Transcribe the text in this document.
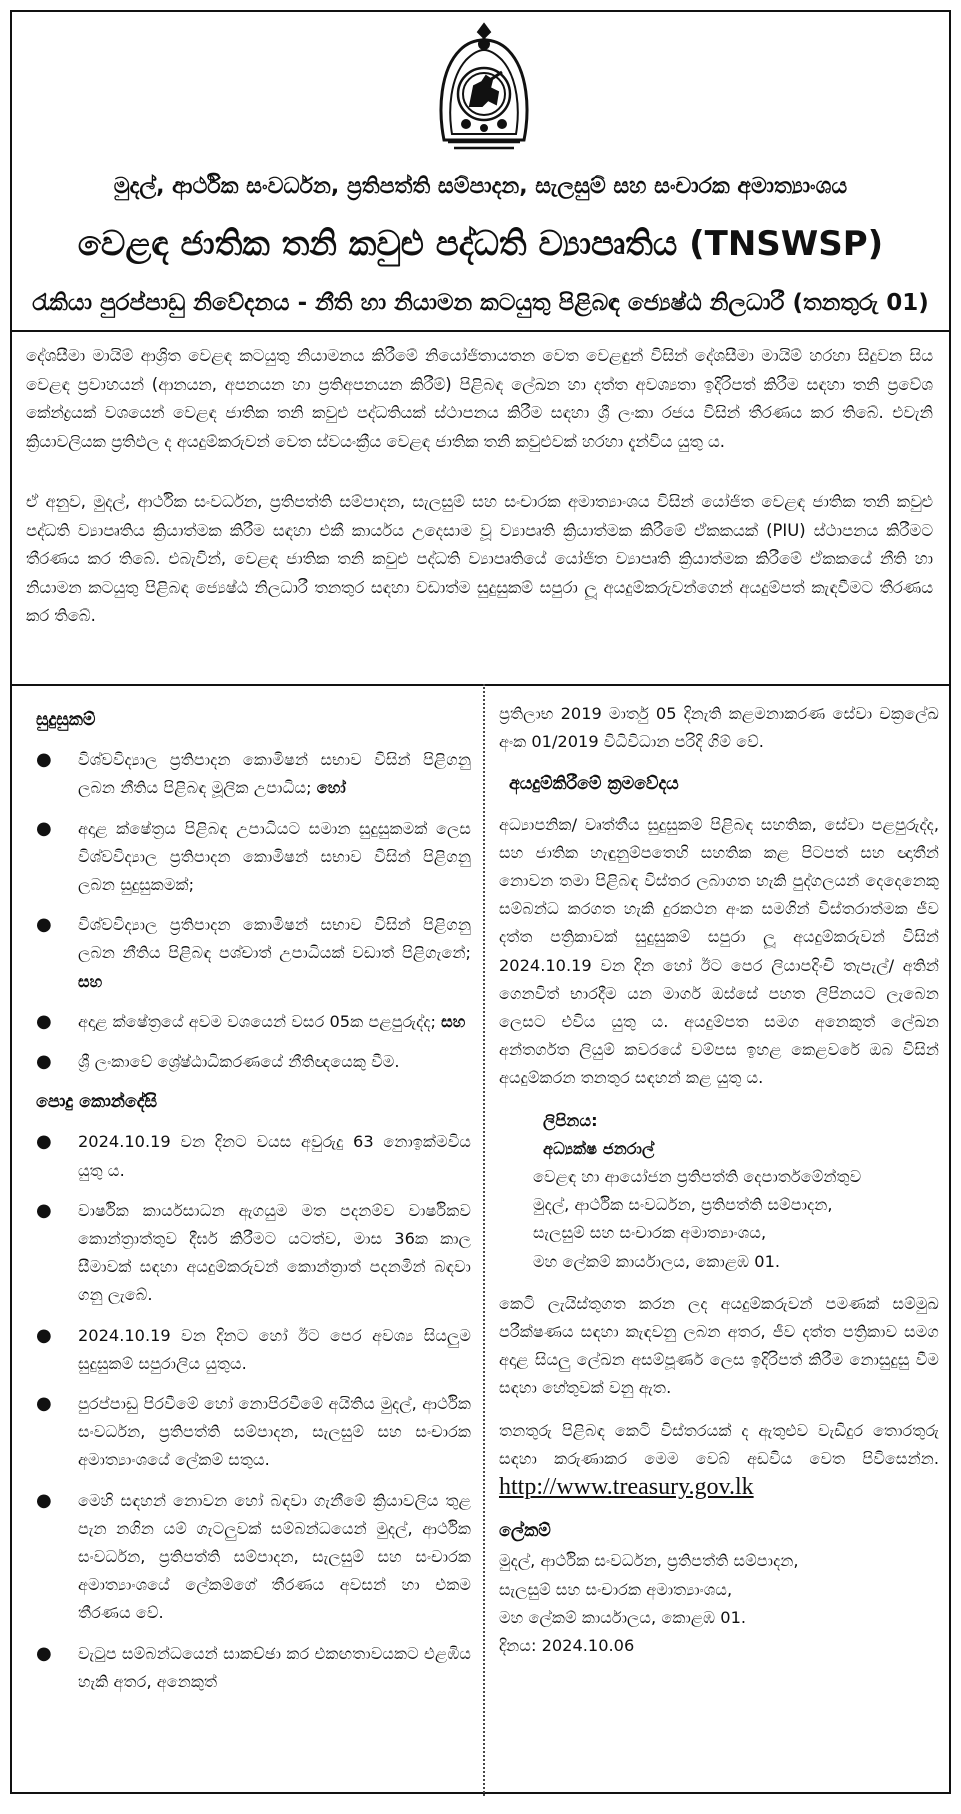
මුදල්, ආර්ථික සංවර්ධන, ප්‍රතිපත්ති සම්පාදන, සැලසුම් සහ සංචාරක අමාත්‍යාංශය
වෙළඳ ජාතික තනි කවුළු පද්ධති ව්‍යාපෘතිය (TNSWSP)
රැකියා පුරප්පාඩු නිවේදනය - නීති හා නියාමන කටයුතු පිළිබඳ ජ්‍යෙෂ්ඨ නිලධාරී (තනතුරු 01)

දේශසීමා මායිම් ආශ්‍රිත වෙළඳ කටයුතු නියාමනය කිරීමේ නියෝජිතායතන වෙත වෙළඳුන් විසින් දේශසීමා මායිම් හරහා සිදුවන සිය වෙළඳ ප්‍රවාහයන් (ආනයන, අපනයන හා ප්‍රතිඅපනයන කිරීම්) පිළිබඳ ලේඛන හා දත්ත අවශ්‍යතා ඉදිරිපත් කිරීම සඳහා තනි ප්‍රවේශ කේන්ද්‍රයක් වශයෙන් වෙළඳ ජාතික තනි කවුළු පද්ධතියක් ස්ථාපනය කිරීම සඳහා ශ්‍රී ලංකා රජය විසින් තීරණය කර තිබේ. එවැනි ක්‍රියාවලියක ප්‍රතිඵල ද අයදුම්කරුවන් වෙත ස්වයංක්‍රීය වෙළඳ ජාතික තනි කවුළුවක් හරහා දැන්විය යුතු ය.

ඒ අනුව, මුදල්, ආර්ථික සංවර්ධන, ප්‍රතිපත්ති සම්පාදන, සැලසුම් සහ සංචාරක අමාත්‍යාංශය විසින් යෝජිත වෙළඳ ජාතික තනි කවුළු පද්ධති ව්‍යාපෘතිය ක්‍රියාත්මක කිරීම සඳහා එකී කාර්යය උදෙසාම වූ ව්‍යාපෘති ක්‍රියාත්මක කිරීමේ ඒකකයක් (PIU) ස්ථාපනය කිරීමට තීරණය කර තිබේ. එබැවින්, වෙළඳ ජාතික තනි කවුළු පද්ධති ව්‍යාපෘතියේ යෝජිත ව්‍යාපෘති ක්‍රියාත්මක කිරීමේ ඒකකයේ නීති හා නියාමන කටයුතු පිළිබඳ ජ්‍යෙෂ්ඨ නිලධාරී තනතුර සඳහා වඩාත්ම සුදුසුකම් සපුරා ලූ අයදුම්කරුවන්ගෙන් අයදුම්පත් කැඳවීමට තීරණය කර තිබේ.

සුදුසුකම්
● විශ්වවිද්‍යාල ප්‍රතිපාදන කොමිෂන් සභාව විසින් පිළිගනු ලබන නීතිය පිළිබඳ මූලික උපාධිය; හෝ
● අදාළ ක්ෂේත්‍රය පිළිබඳ උපාධියට සමාන සුදුසුකමක් ලෙස විශ්වවිද්‍යාල ප්‍රතිපාදන කොමිෂන් සභාව විසින් පිළිගනු ලබන සුදුසුකමක්;
● විශ්වවිද්‍යාල ප්‍රතිපාදන කොමිෂන් සභාව විසින් පිළිගනු ලබන නීතිය පිළිබඳ පශ්චාත් උපාධියක් වඩාත් පිළිගැනේ; සහ
● අදාළ ක්ෂේත්‍රයේ අවම වශයෙන් වසර 05ක පළපුරුද්ද; සහ
● ශ්‍රී ලංකාවේ ශ්‍රේෂ්ඨාධිකරණයේ නීතිඥයෙකු වීම.
පොදු කොන්දේසි
● 2024.10.19 වන දිනට වයස අවුරුදු 63 නොඉක්මවිය යුතු ය.
● වාර්ෂික කාර්යසාධන ඇගයුම මත පදනම්ව වාර්ෂිකව කොන්ත්‍රාත්තුව දීර්ඝ කිරීමට යටත්ව, මාස 36ක කාල සීමාවක් සඳහා අයදුම්කරුවන් කොන්ත්‍රාත් පදනමින් බඳවා ගනු ලැබේ.
● 2024.10.19 වන දිනට හෝ ඊට පෙර අවශ්‍ය සියලුම සුදුසුකම් සපුරාලිය යුතුය.
● පුරප්පාඩු පිරවීමේ හෝ නොපිරවීමේ අයිතිය මුදල්, ආර්ථික සංවර්ධන, ප්‍රතිපත්ති සම්පාදන, සැලසුම් සහ සංචාරක අමාත්‍යාංශයේ ලේකම් සතුය.
● මෙහි සඳහන් නොවන හෝ බඳවා ගැනීමේ ක්‍රියාවලිය තුළ පැන නගින යම් ගැටලුවක් සම්බන්ධයෙන් මුදල්, ආර්ථික සංවර්ධන, ප්‍රතිපත්ති සම්පාදන, සැලසුම් සහ සංචාරක අමාත්‍යාංශයේ ලේකම්ගේ තීරණය අවසන් හා එකම තීරණය වේ.
● වැටුප සම්බන්ධයෙන් සාකච්ඡා කර එකඟතාවයකට එළඹිය හැකි අතර, අනෙකුත්

ප්‍රතිලාභ 2019 මාර්තු 05 දිනැති කළමනාකරණ සේවා චක්‍රලේඛ අංක 01/2019 විධිවිධාන පරිදි ගිම් වේ.

අයදුම්කිරීමේ ක්‍රමවේදය

අධ්‍යාපනික/ වෘත්තීය සුදුසුකම් පිළිබඳ සහතික, සේවා පළපුරුද්ද, සහ ජාතික හැඳුනුම්පතෙහි සහතික කළ පිටපත් සහ ඥාතීන් නොවන තමා පිළිබඳ විස්තර ලබාගත හැකි පුද්ගලයන් දෙදෙනෙකු සම්බන්ධ කරගත හැකි දුරකථන අංක සමගින් විස්තරාත්මක ජීව දත්ත පත්‍රිකාවක් සුදුසුකම් සපුරා ලූ අයදුම්කරුවන් විසින් 2024.10.19 වන දින හෝ ඊට පෙර ලියාපදිංචි තැපැල්/ අතින් ගෙනවිත් භාරදීම යන මාර්ග ඔස්සේ පහත ලිපිනයට ලැබෙන ලෙසට එවිය යුතු ය. අයදුම්පත සමග අනෙකුත් ලේඛන අන්තර්ගත ලියුම් කවරයේ වම්පස ඉහළ කෙළවරේ ඔබ විසින් අයදුම්කරන තනතුර සඳහන් කළ යුතු ය.

ලිපිනය:
අධ්‍යක්ෂ ජනරාල්
වෙළඳ හා ආයෝජන ප්‍රතිපත්ති දෙපාර්තමේන්තුව
මුදල්, ආර්ථික සංවර්ධන, ප්‍රතිපත්ති සම්පාදන,
සැලසුම් සහ සංචාරක අමාත්‍යාංශය,
මහ ලේකම් කාර්යාලය, කොළඹ 01.

කෙටි ලැයිස්තුගත කරන ලද අයදුම්කරුවන් පමණක් සම්මුඛ පරීක්ෂණය සඳහා කැඳවනු ලබන අතර, ජීව දත්ත පත්‍රිකාව සමග අදාළ සියලු ලේඛන අසම්පූර්ණ ලෙස ඉදිරිපත් කිරීම නොසුදුසු වීම සඳහා හේතුවක් වනු ඇත.

තනතුරු පිළිබඳ කෙටි විස්තරයක් ද ඇතුළුව වැඩිදුර තොරතුරු සඳහා කරුණාකර මෙම වෙබ් අඩවිය වෙත පිවිසෙන්න. http://www.treasury.gov.lk

ලේකම්
මුදල්, ආර්ථික සංවර්ධන, ප්‍රතිපත්ති සම්පාදන,
සැලසුම් සහ සංචාරක අමාත්‍යාංශය,
මහ ලේකම් කාර්යාලය, කොළඹ 01.
දිනය: 2024.10.06
